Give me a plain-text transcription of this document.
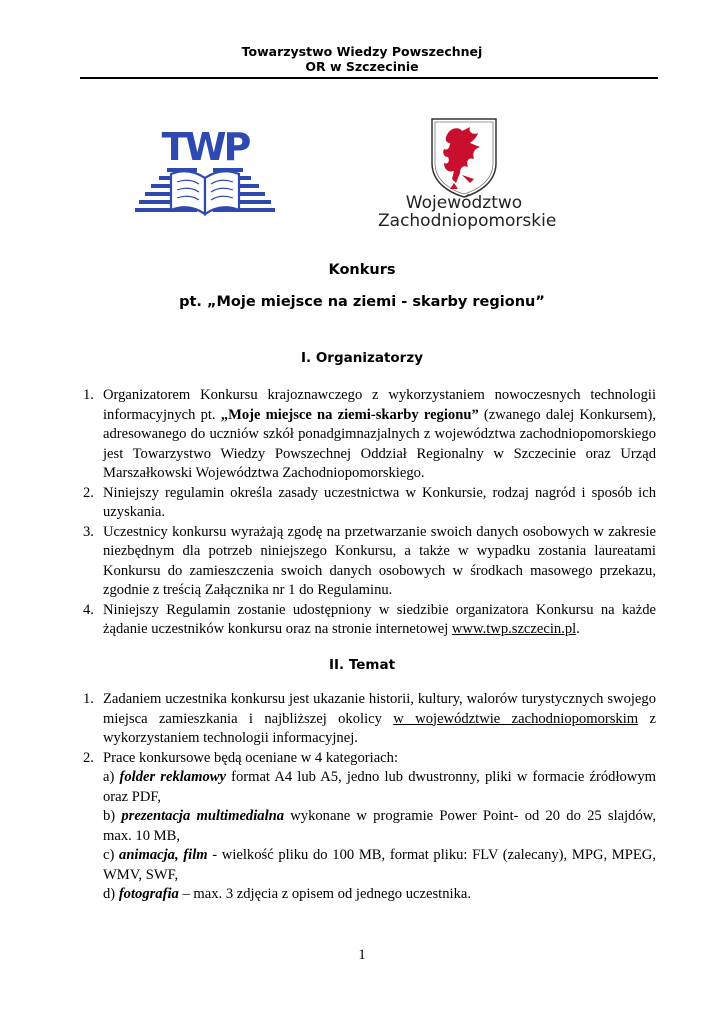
Towarzystwo Wiedzy Powszechnej
OR w Szczecinie
TWP
Województwo
Zachodniopomorskie
Konkurs
pt. „Moje miejsce na ziemi - skarby regionu”
I. Organizatorzy
1. Organizatorem Konkursu krajoznawczego z wykorzystaniem nowoczesnych technologii informacyjnych pt. „Moje miejsce na ziemi-skarby regionu” (zwanego dalej Konkursem), adresowanego do uczniów szkół ponadgimnazjalnych z województwa zachodniopomorskiego jest Towarzystwo Wiedzy Powszechnej Oddział Regionalny w Szczecinie oraz Urząd Marszałkowski Województwa Zachodniopomorskiego.
2. Niniejszy regulamin określa zasady uczestnictwa w Konkursie, rodzaj nagród i sposób ich uzyskania.
3. Uczestnicy konkursu wyrażają zgodę na przetwarzanie swoich danych osobowych w zakresie niezbędnym dla potrzeb niniejszego Konkursu, a także w wypadku zostania laureatami Konkursu do zamieszczenia swoich danych osobowych w środkach masowego przekazu, zgodnie z treścią Załącznika nr 1 do Regulaminu.
4. Niniejszy Regulamin zostanie udostępniony w siedzibie organizatora Konkursu na każde żądanie uczestników konkursu oraz na stronie internetowej www.twp.szczecin.pl.
II. Temat
1. Zadaniem uczestnika konkursu jest ukazanie historii, kultury, walorów turystycznych swojego miejsca zamieszkania i najbliższej okolicy w województwie zachodniopomorskim z wykorzystaniem technologii informacyjnej.
2. Prace konkursowe będą oceniane w 4 kategoriach:
a) folder reklamowy format A4 lub A5, jedno lub dwustronny, pliki w formacie źródłowym oraz PDF,
b) prezentacja multimedialna wykonane w programie Power Point- od 20 do 25 slajdów, max. 10 MB,
c) animacja, film - wielkość pliku do 100 MB, format pliku: FLV (zalecany), MPG, MPEG, WMV, SWF,
d) fotografia – max. 3 zdjęcia z opisem od jednego uczestnika.
1
